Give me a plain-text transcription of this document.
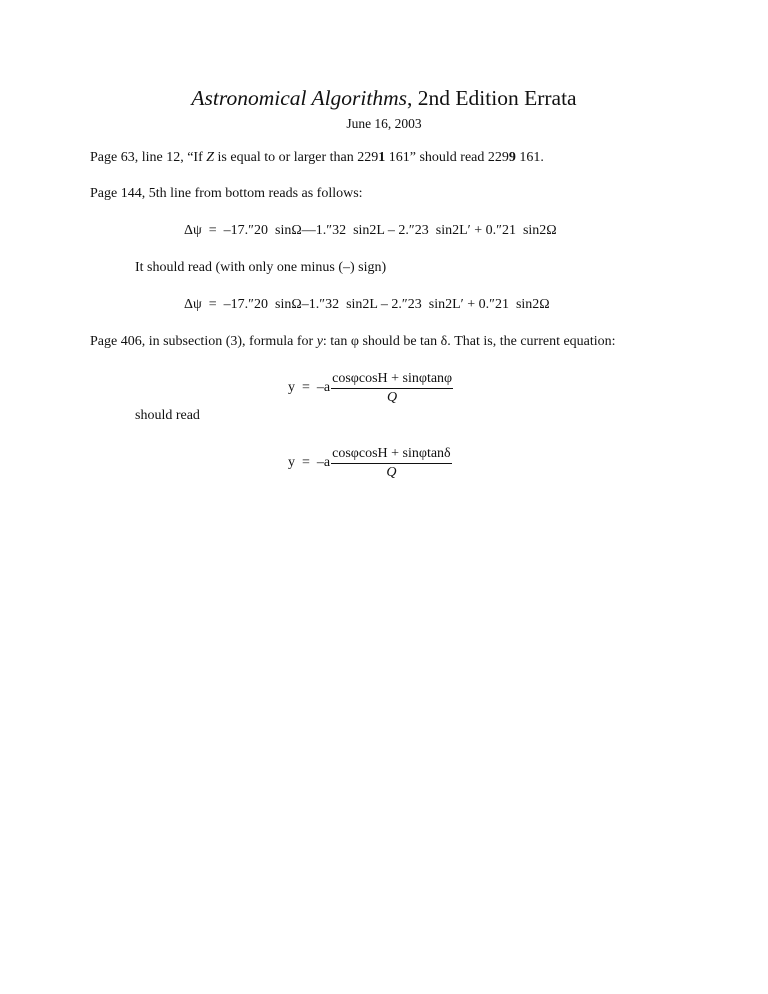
Astronomical Algorithms, 2nd Edition Errata
June 16, 2003
Page 63, line 12, “If Z is equal to or larger than 2291 161” should read 2299 161.
Page 144, 5th line from bottom reads as follows:
Δψ  =  –17.″20  sinΩ—1.″32  sin2L – 2.″23  sin2L′ + 0.″21  sin2Ω
It should read (with only one minus (–) sign)
Δψ  =  –17.″20  sinΩ–1.″32  sin2L – 2.″23  sin2L′ + 0.″21  sin2Ω
Page 406, in subsection (3), formula for y: tan φ should be tan δ. That is, the current equation:
$y = -a \frac{\cos\varphi\cos H + \sin\varphi\tan\varphi}{Q}$
should read
$y = -a \frac{\cos\varphi\cos H + \sin\varphi\tan\delta}{Q}$
